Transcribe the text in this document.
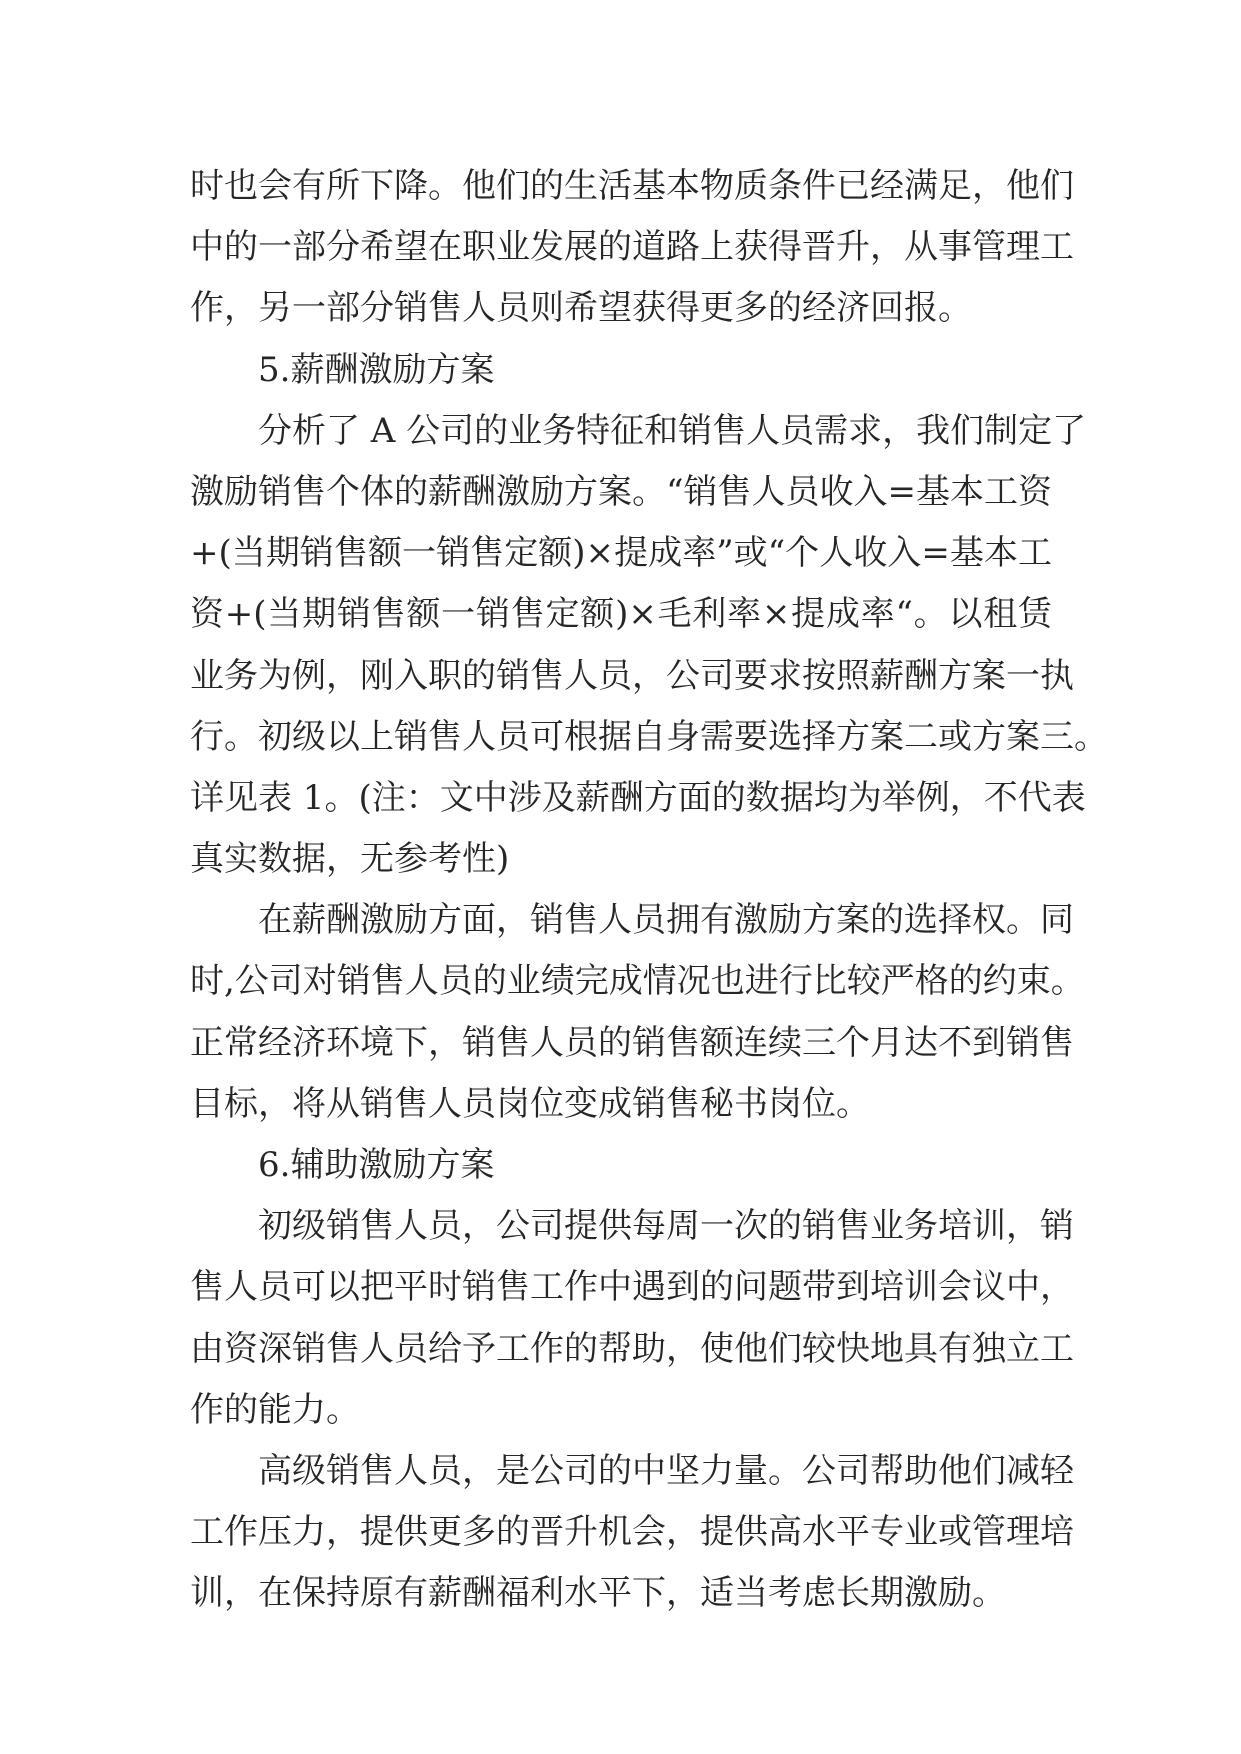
时也会有所下降。他们的生活基本物质条件已经满足，他们
中的一部分希望在职业发展的道路上获得晋升，从事管理工
作，另一部分销售人员则希望获得更多的经济回报。
5.薪酬激励方案
分析了 A 公司的业务特征和销售人员需求，我们制定了
激励销售个体的薪酬激励方案。“销售人员收入=基本工资
+(当期销售额一销售定额)×提成率”或“个人收入=基本工
资+(当期销售额一销售定额)×毛利率×提成率“。以租赁
业务为例，刚入职的销售人员，公司要求按照薪酬方案一执
行。初级以上销售人员可根据自身需要选择方案二或方案三。
详见表 1。(注：文中涉及薪酬方面的数据均为举例，不代表
真实数据，无参考性)
在薪酬激励方面，销售人员拥有激励方案的选择权。同
时,公司对销售人员的业绩完成情况也进行比较严格的约束。
正常经济环境下，销售人员的销售额连续三个月达不到销售
目标，将从销售人员岗位变成销售秘书岗位。
6.辅助激励方案
初级销售人员，公司提供每周一次的销售业务培训，销
售人员可以把平时销售工作中遇到的问题带到培训会议中，
由资深销售人员给予工作的帮助，使他们较快地具有独立工
作的能力。
高级销售人员，是公司的中坚力量。公司帮助他们减轻
工作压力，提供更多的晋升机会，提供高水平专业或管理培
训，在保持原有薪酬福利水平下，适当考虑长期激励。
